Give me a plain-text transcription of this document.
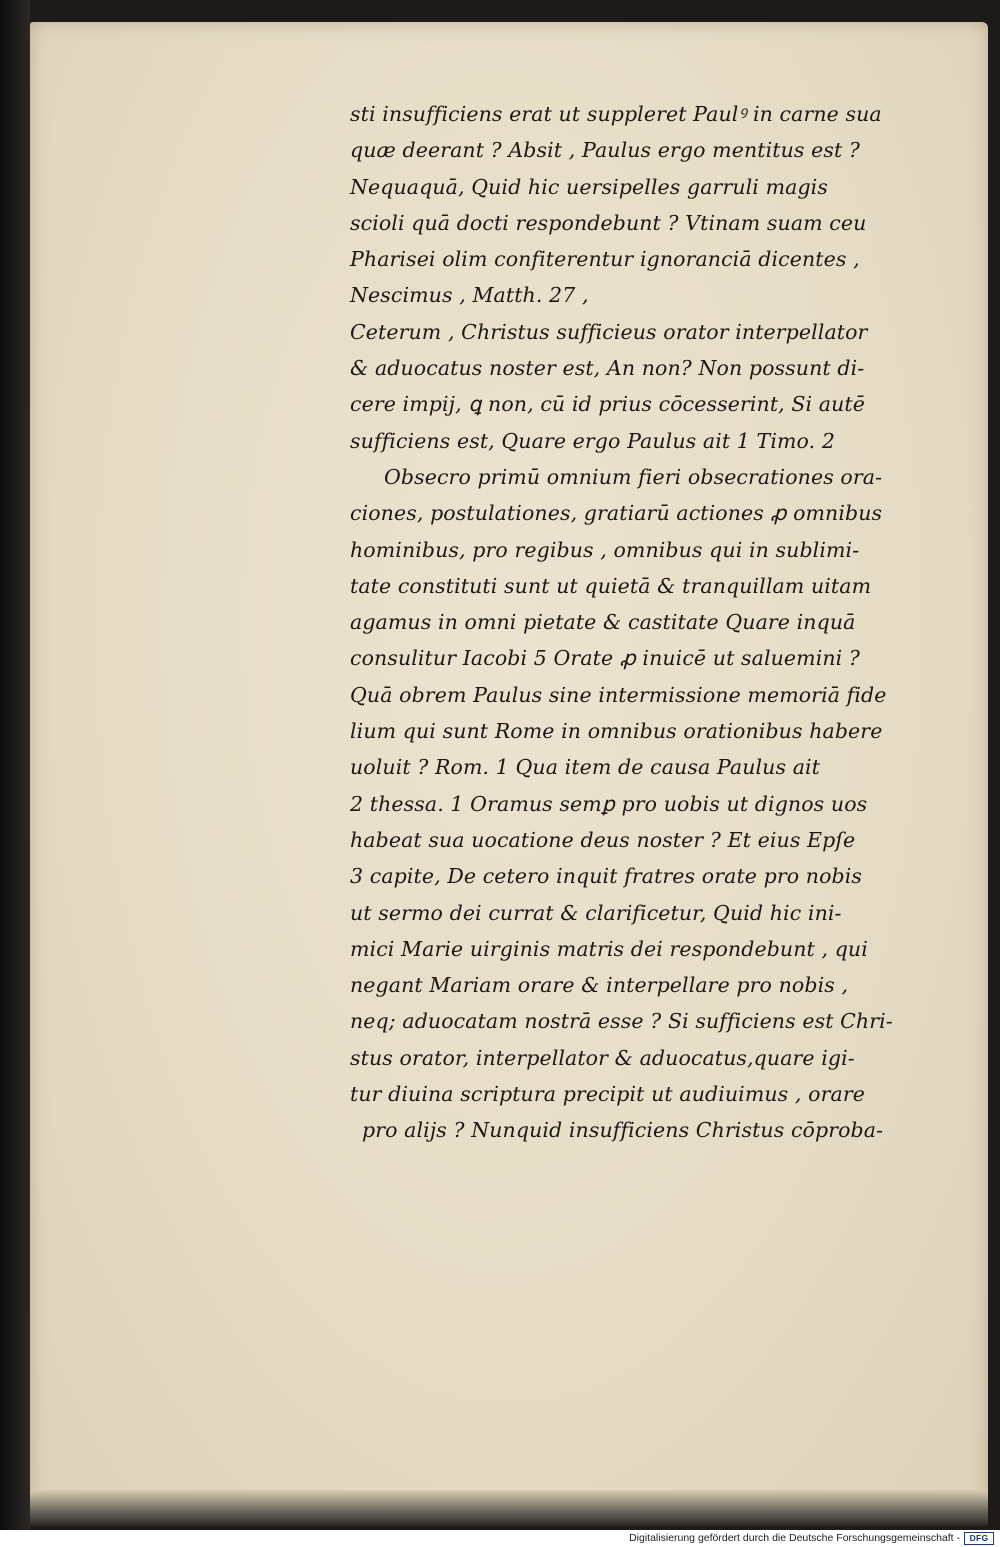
sti insufficiens erat ut suppleret Paulꝰ in carne sua
quæ deerant ? Absit , Paulus ergo mentitus est ?
Nequaquā, Quid hic uersipelles garruli magis
scioli quā docti respondebunt ? Vtinam suam ceu
Pharisei olim confiterentur ignoranciā dicentes ,
Nescimus , Matth. 27 ,
Ceterum , Christus sufficieus orator interpellator
& aduocatus noster est, An non? Non possunt di-
cere impij, ꝗ non, cū id prius cōcesserint, Si autē
sufficiens est, Quare ergo Paulus ait 1 Timo. 2
Obsecro primū omnium fieri obsecrationes ora-
ciones, postulationes, gratiarū actiones ꝓ omnibus
hominibus, pro regibus , omnibus qui in sublimi-
tate constituti sunt ut quietā & tranquillam uitam
agamus in omni pietate & castitate Quare inquā
consulitur Iacobi 5 Orate ꝓ inuicē ut saluemini ?
Quā obrem Paulus sine intermissione memoriā fide
lium qui sunt Rome in omnibus orationibus habere
uoluit ? Rom. 1 Qua item de causa Paulus ait
2 thessa. 1 Oramus semꝑ pro uobis ut dignos uos
habeat sua uocatione deus noster ? Et eius Epſe
3 capite, De cetero inquit fratres orate pro nobis
ut sermo dei currat & clarificetur, Quid hic ini-
mici Marie uirginis matris dei respondebunt , qui
negant Mariam orare & interpellare pro nobis ,
neq; aduocatam nostrā esse ? Si sufficiens est Chri-
stus orator, interpellator & aduocatus,quare igi-
tur diuina scriptura precipit ut audiuimus , orare
pro alijs ? Nunquid insufficiens Christus cōproba-
Digitalisierung gefördert durch die Deutsche Forschungsgemeinschaft -	DFG
